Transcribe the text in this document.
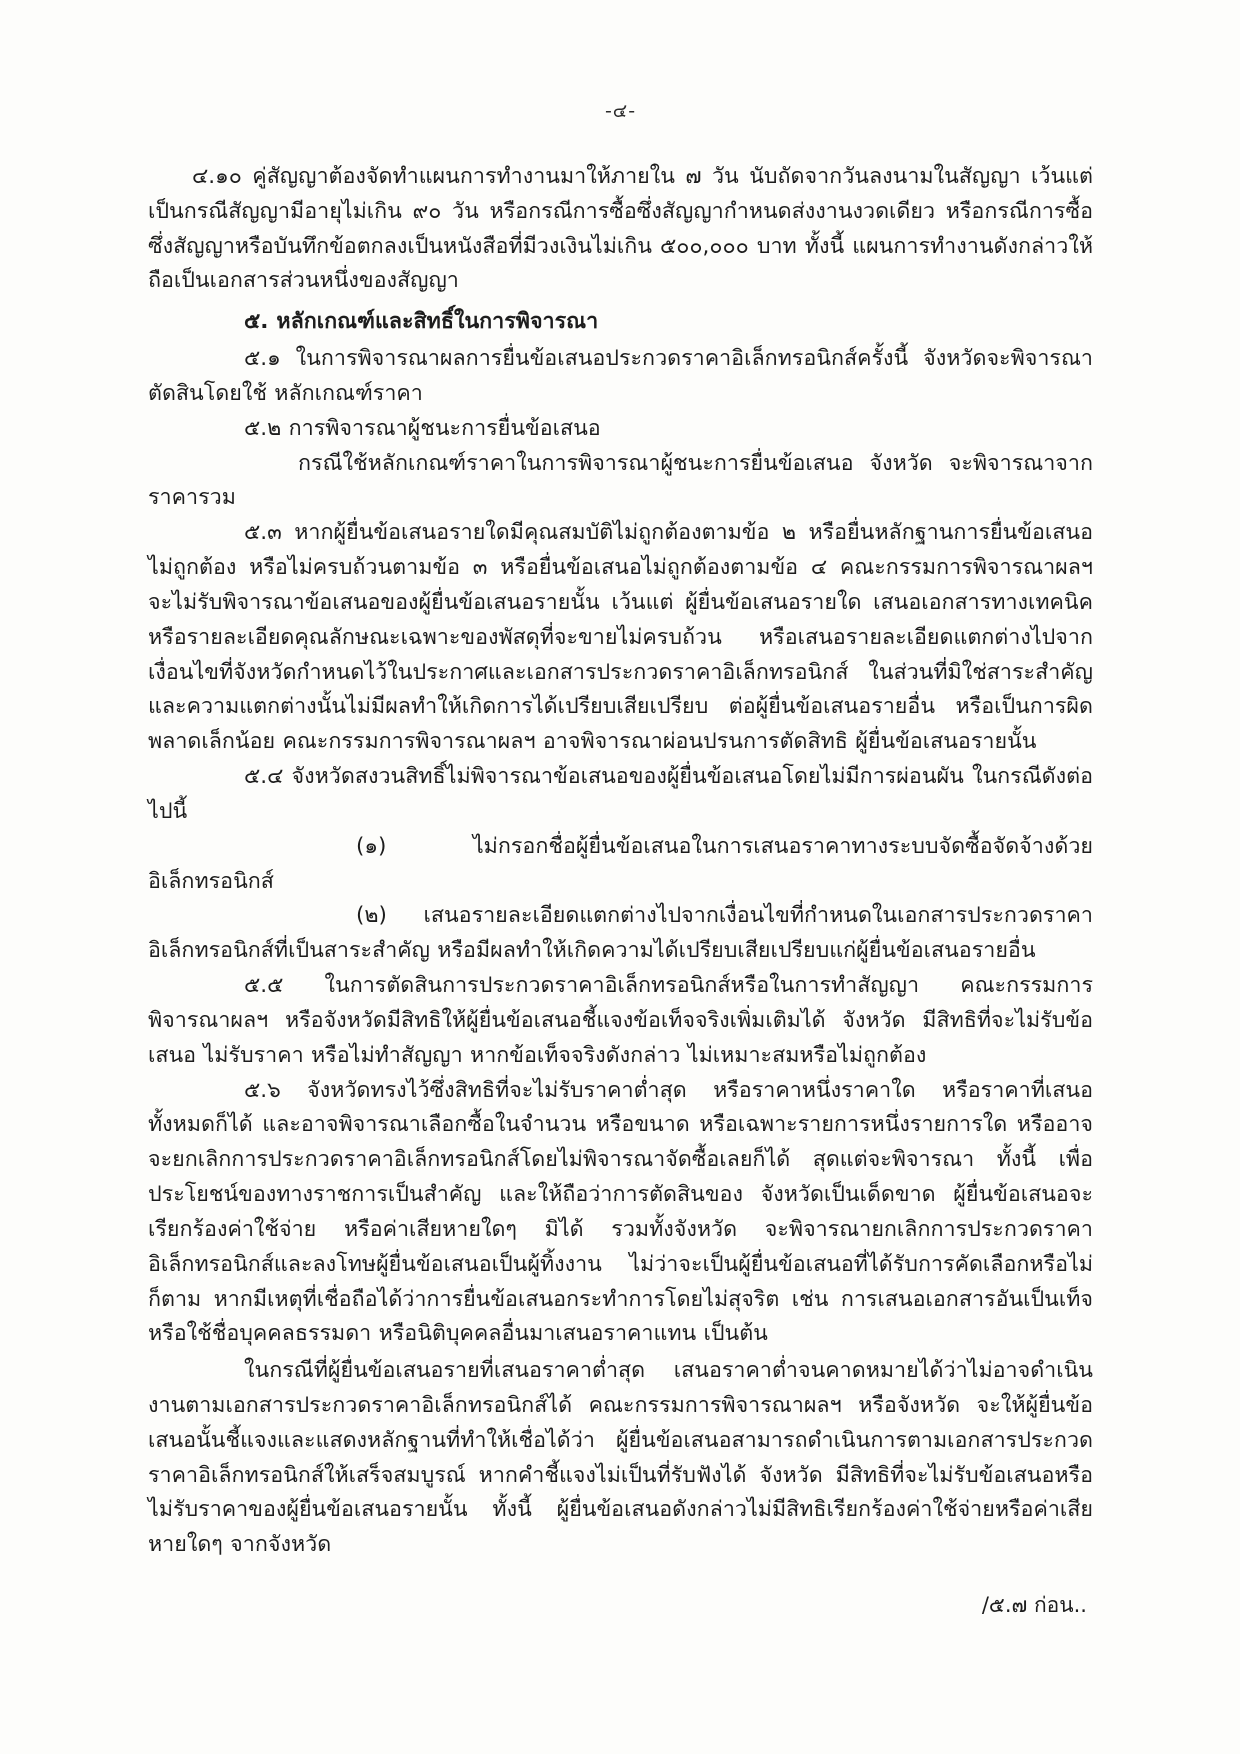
-๔-

๔.๑๐ คู่สัญญาต้องจัดทำแผนการทำงานมาให้ภายใน ๗ วัน นับถัดจากวันลงนามในสัญญา เว้นแต่เป็นกรณีสัญญามีอายุไม่เกิน ๙๐ วัน หรือกรณีการซื้อซึ่งสัญญากำหนดส่งงานงวดเดียว หรือกรณีการซื้อซึ่งสัญญาหรือบันทึกข้อตกลงเป็นหนังสือที่มีวงเงินไม่เกิน ๕๐๐,๐๐๐ บาท ทั้งนี้ แผนการทำงานดังกล่าวให้ถือเป็นเอกสารส่วนหนึ่งของสัญญา

๕. หลักเกณฑ์และสิทธิ์ในการพิจารณา

๕.๑ ในการพิจารณาผลการยื่นข้อเสนอประกวดราคาอิเล็กทรอนิกส์ครั้งนี้ จังหวัดจะพิจารณาตัดสินโดยใช้ หลักเกณฑ์ราคา

๕.๒ การพิจารณาผู้ชนะการยื่นข้อเสนอ

กรณีใช้หลักเกณฑ์ราคาในการพิจารณาผู้ชนะการยื่นข้อเสนอ จังหวัด จะพิจารณาจากราคารวม

๕.๓ หากผู้ยื่นข้อเสนอรายใดมีคุณสมบัติไม่ถูกต้องตามข้อ ๒ หรือยื่นหลักฐานการยื่นข้อเสนอไม่ถูกต้อง หรือไม่ครบถ้วนตามข้อ ๓ หรือยื่นข้อเสนอไม่ถูกต้องตามข้อ ๔ คณะกรรมการพิจารณาผลฯ จะไม่รับพิจารณาข้อเสนอของผู้ยื่นข้อเสนอรายนั้น เว้นแต่ ผู้ยื่นข้อเสนอรายใด เสนอเอกสารทางเทคนิคหรือรายละเอียดคุณลักษณะเฉพาะของพัสดุที่จะขายไม่ครบถ้วน หรือเสนอรายละเอียดแตกต่างไปจากเงื่อนไขที่จังหวัดกำหนดไว้ในประกาศและเอกสารประกวดราคาอิเล็กทรอนิกส์ ในส่วนที่มิใช่สาระสำคัญและความแตกต่างนั้นไม่มีผลทำให้เกิดการได้เปรียบเสียเปรียบ ต่อผู้ยื่นข้อเสนอรายอื่น หรือเป็นการผิดพลาดเล็กน้อย คณะกรรมการพิจารณาผลฯ อาจพิจารณาผ่อนปรนการตัดสิทธิ ผู้ยื่นข้อเสนอรายนั้น

๕.๔ จังหวัดสงวนสิทธิ์ไม่พิจารณาข้อเสนอของผู้ยื่นข้อเสนอโดยไม่มีการผ่อนผัน ในกรณีดังต่อไปนี้

(๑) ไม่กรอกชื่อผู้ยื่นข้อเสนอในการเสนอราคาทางระบบจัดซื้อจัดจ้างด้วยอิเล็กทรอนิกส์

(๒) เสนอรายละเอียดแตกต่างไปจากเงื่อนไขที่กำหนดในเอกสารประกวดราคาอิเล็กทรอนิกส์ที่เป็นสาระสำคัญ หรือมีผลทำให้เกิดความได้เปรียบเสียเปรียบแก่ผู้ยื่นข้อเสนอรายอื่น

๕.๕ ในการตัดสินการประกวดราคาอิเล็กทรอนิกส์หรือในการทำสัญญา คณะกรรมการพิจารณาผลฯ หรือจังหวัดมีสิทธิให้ผู้ยื่นข้อเสนอชี้แจงข้อเท็จจริงเพิ่มเติมได้ จังหวัด มีสิทธิที่จะไม่รับข้อเสนอ ไม่รับราคา หรือไม่ทำสัญญา หากข้อเท็จจริงดังกล่าว ไม่เหมาะสมหรือไม่ถูกต้อง

๕.๖ จังหวัดทรงไว้ซึ่งสิทธิที่จะไม่รับราคาต่ำสุด หรือราคาหนึ่งราคาใด หรือราคาที่เสนอทั้งหมดก็ได้ และอาจพิจารณาเลือกซื้อในจำนวน หรือขนาด หรือเฉพาะรายการหนึ่งรายการใด หรืออาจจะยกเลิกการประกวดราคาอิเล็กทรอนิกส์โดยไม่พิจารณาจัดซื้อเลยก็ได้ สุดแต่จะพิจารณา ทั้งนี้ เพื่อประโยชน์ของทางราชการเป็นสำคัญ และให้ถือว่าการตัดสินของ จังหวัดเป็นเด็ดขาด ผู้ยื่นข้อเสนอจะเรียกร้องค่าใช้จ่าย หรือค่าเสียหายใดๆ มิได้ รวมทั้งจังหวัด จะพิจารณายกเลิกการประกวดราคาอิเล็กทรอนิกส์และลงโทษผู้ยื่นข้อเสนอเป็นผู้ทิ้งงาน ไม่ว่าจะเป็นผู้ยื่นข้อเสนอที่ได้รับการคัดเลือกหรือไม่ก็ตาม หากมีเหตุที่เชื่อถือได้ว่าการยื่นข้อเสนอกระทำการโดยไม่สุจริต เช่น การเสนอเอกสารอันเป็นเท็จ หรือใช้ชื่อบุคคลธรรมดา หรือนิติบุคคลอื่นมาเสนอราคาแทน เป็นต้น

ในกรณีที่ผู้ยื่นข้อเสนอรายที่เสนอราคาต่ำสุด เสนอราคาต่ำจนคาดหมายได้ว่าไม่อาจดำเนินงานตามเอกสารประกวดราคาอิเล็กทรอนิกส์ได้ คณะกรรมการพิจารณาผลฯ หรือจังหวัด จะให้ผู้ยื่นข้อเสนอนั้นชี้แจงและแสดงหลักฐานที่ทำให้เชื่อได้ว่า ผู้ยื่นข้อเสนอสามารถดำเนินการตามเอกสารประกวดราคาอิเล็กทรอนิกส์ให้เสร็จสมบูรณ์ หากคำชี้แจงไม่เป็นที่รับฟังได้ จังหวัด มีสิทธิที่จะไม่รับข้อเสนอหรือไม่รับราคาของผู้ยื่นข้อเสนอรายนั้น ทั้งนี้ ผู้ยื่นข้อเสนอดังกล่าวไม่มีสิทธิเรียกร้องค่าใช้จ่ายหรือค่าเสียหายใดๆ จากจังหวัด

/๕.๗ ก่อน..
